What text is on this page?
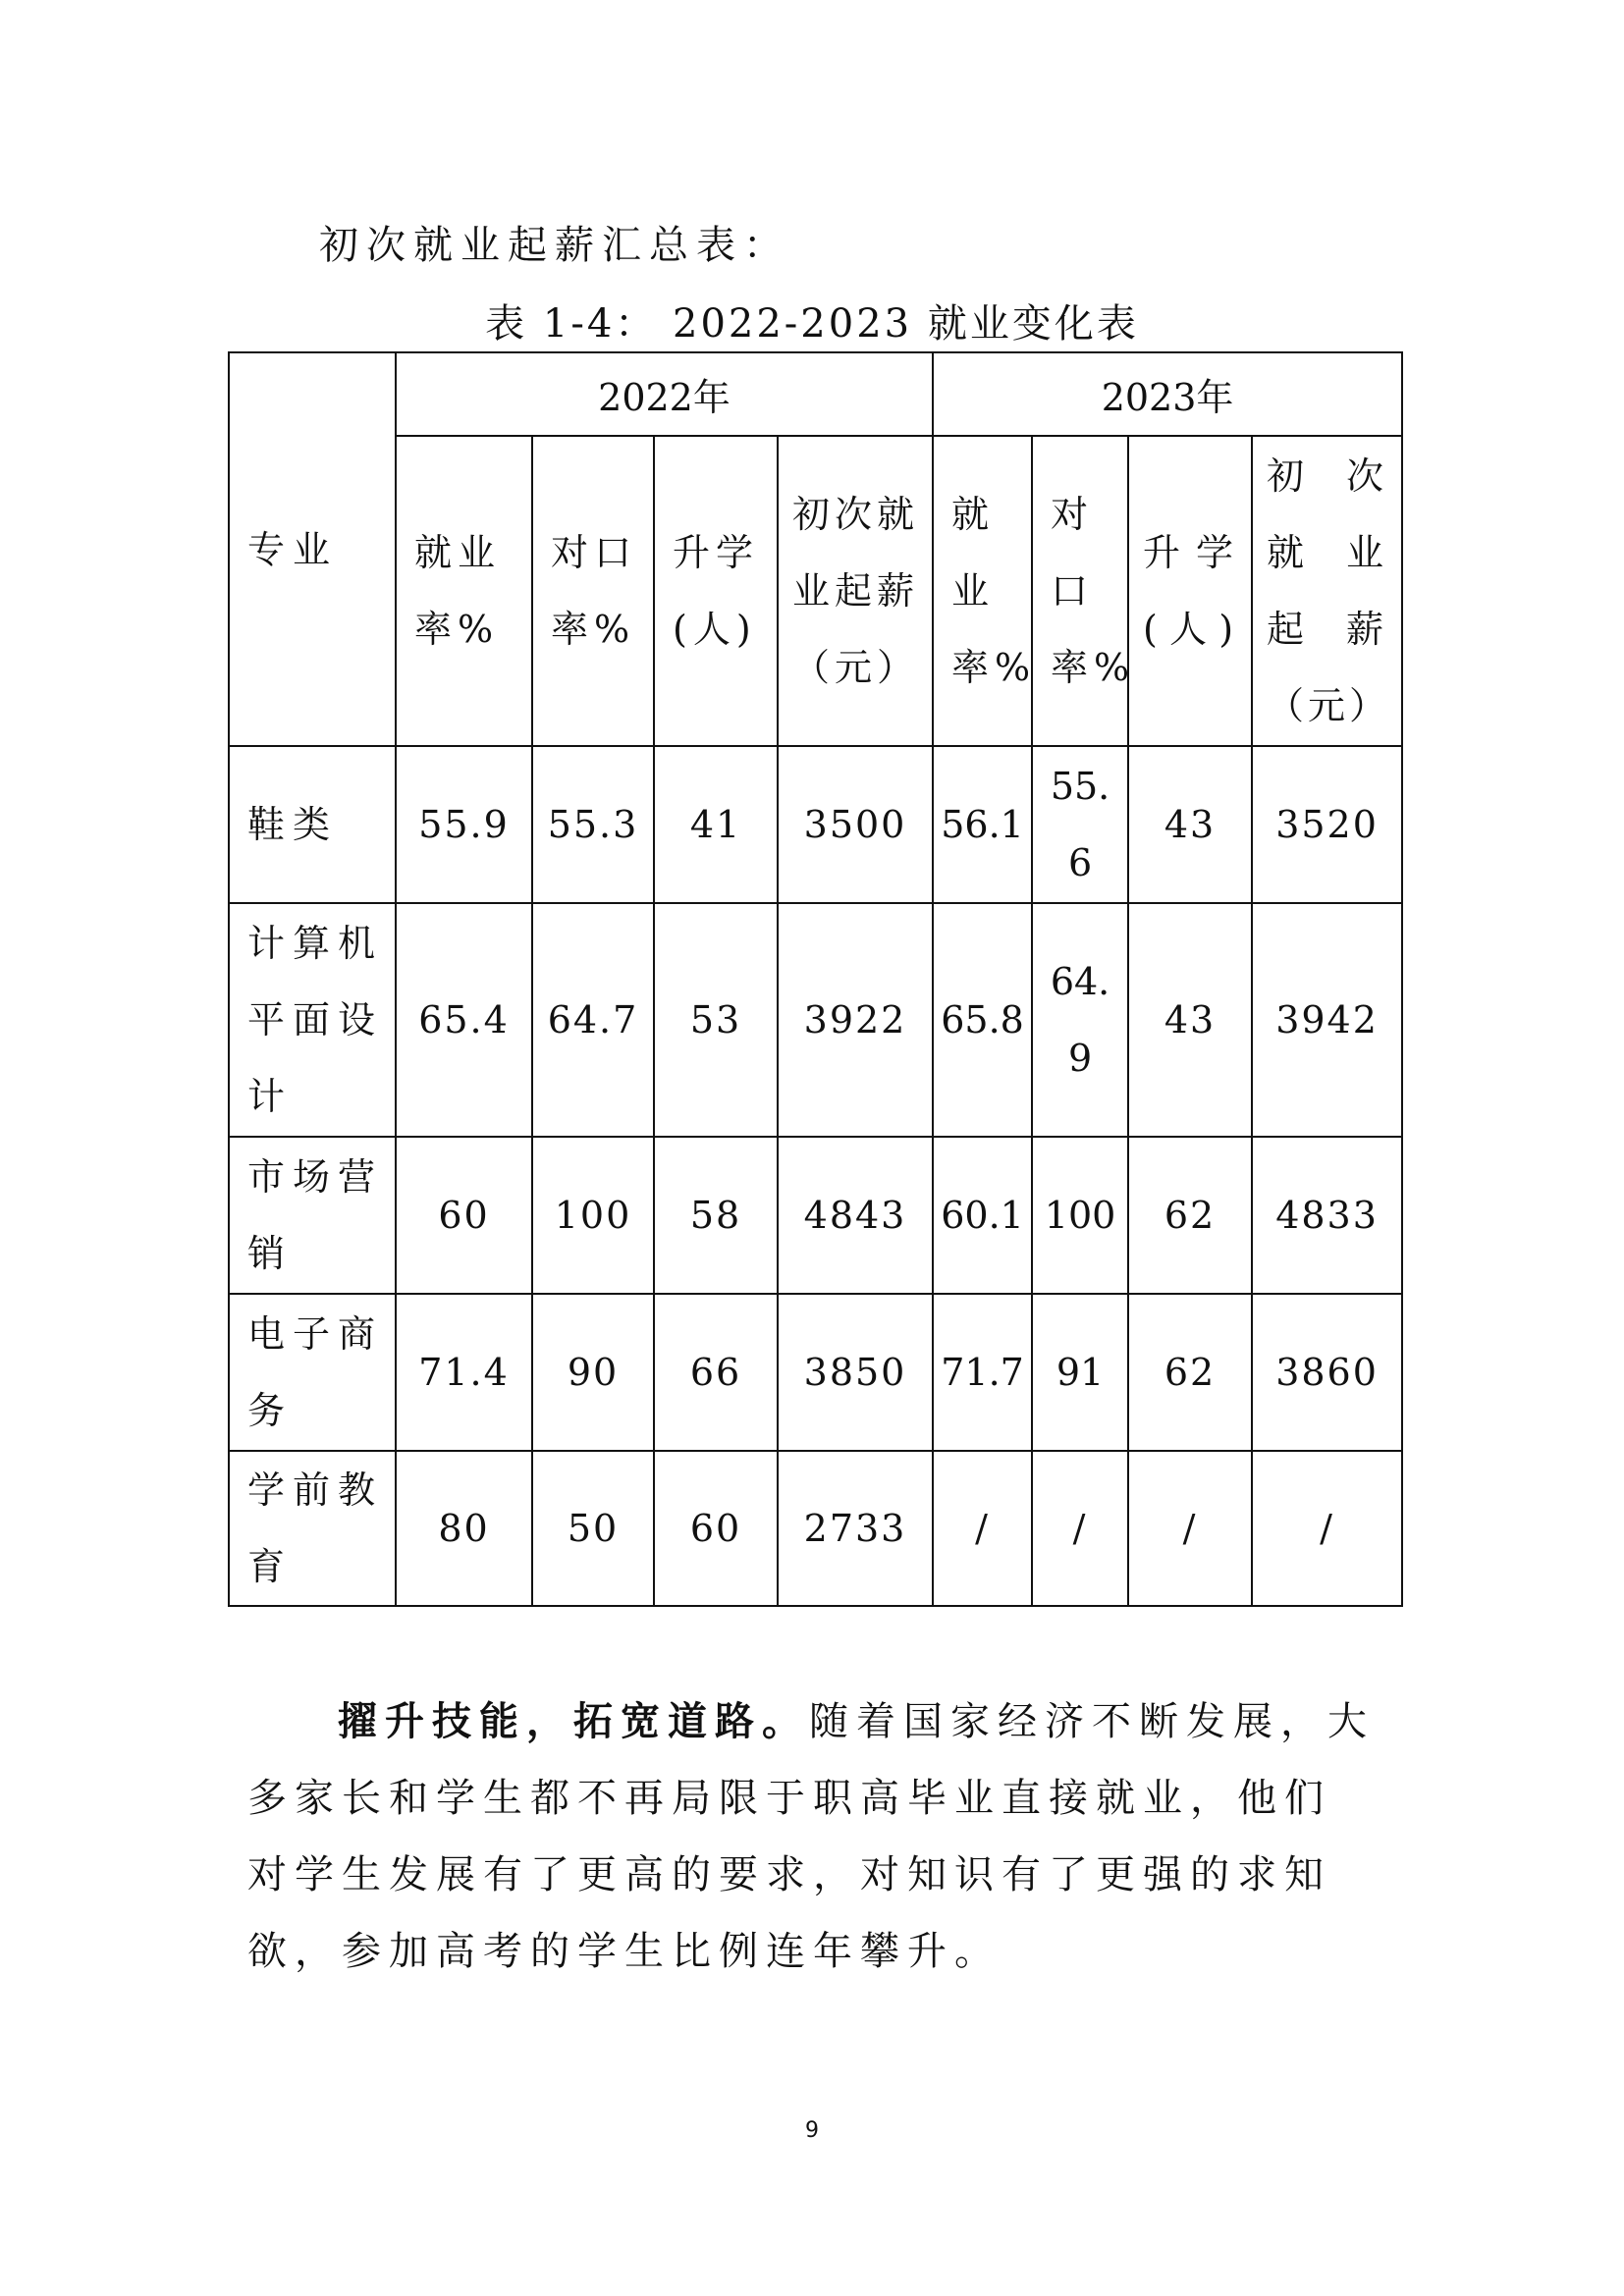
初次就业起薪汇总表：
表 1-4： 2022-2023 就业变化表
专业	2022年				2023年			
	就业率%	对口率%	升学(人)	初次就业起薪（元）	就业率%	对口率%	升学(人)	初次就业起薪（元）
鞋类	55.9	55.3	41	3500	56.1	55.6	43	3520
计算机平面设计	65.4	64.7	53	3922	65.8	64.9	43	3942
市场营销	60	100	58	4843	60.1	100	62	4833
电子商务	71.4	90	66	3850	71.7	91	62	3860
学前教育	80	50	60	2733	/	/	/	/
擢升技能，拓宽道路。随着国家经济不断发展，大多家长和学生都不再局限于职高毕业直接就业，他们对学生发展有了更高的要求，对知识有了更强的求知欲，参加高考的学生比例连年攀升。
9
